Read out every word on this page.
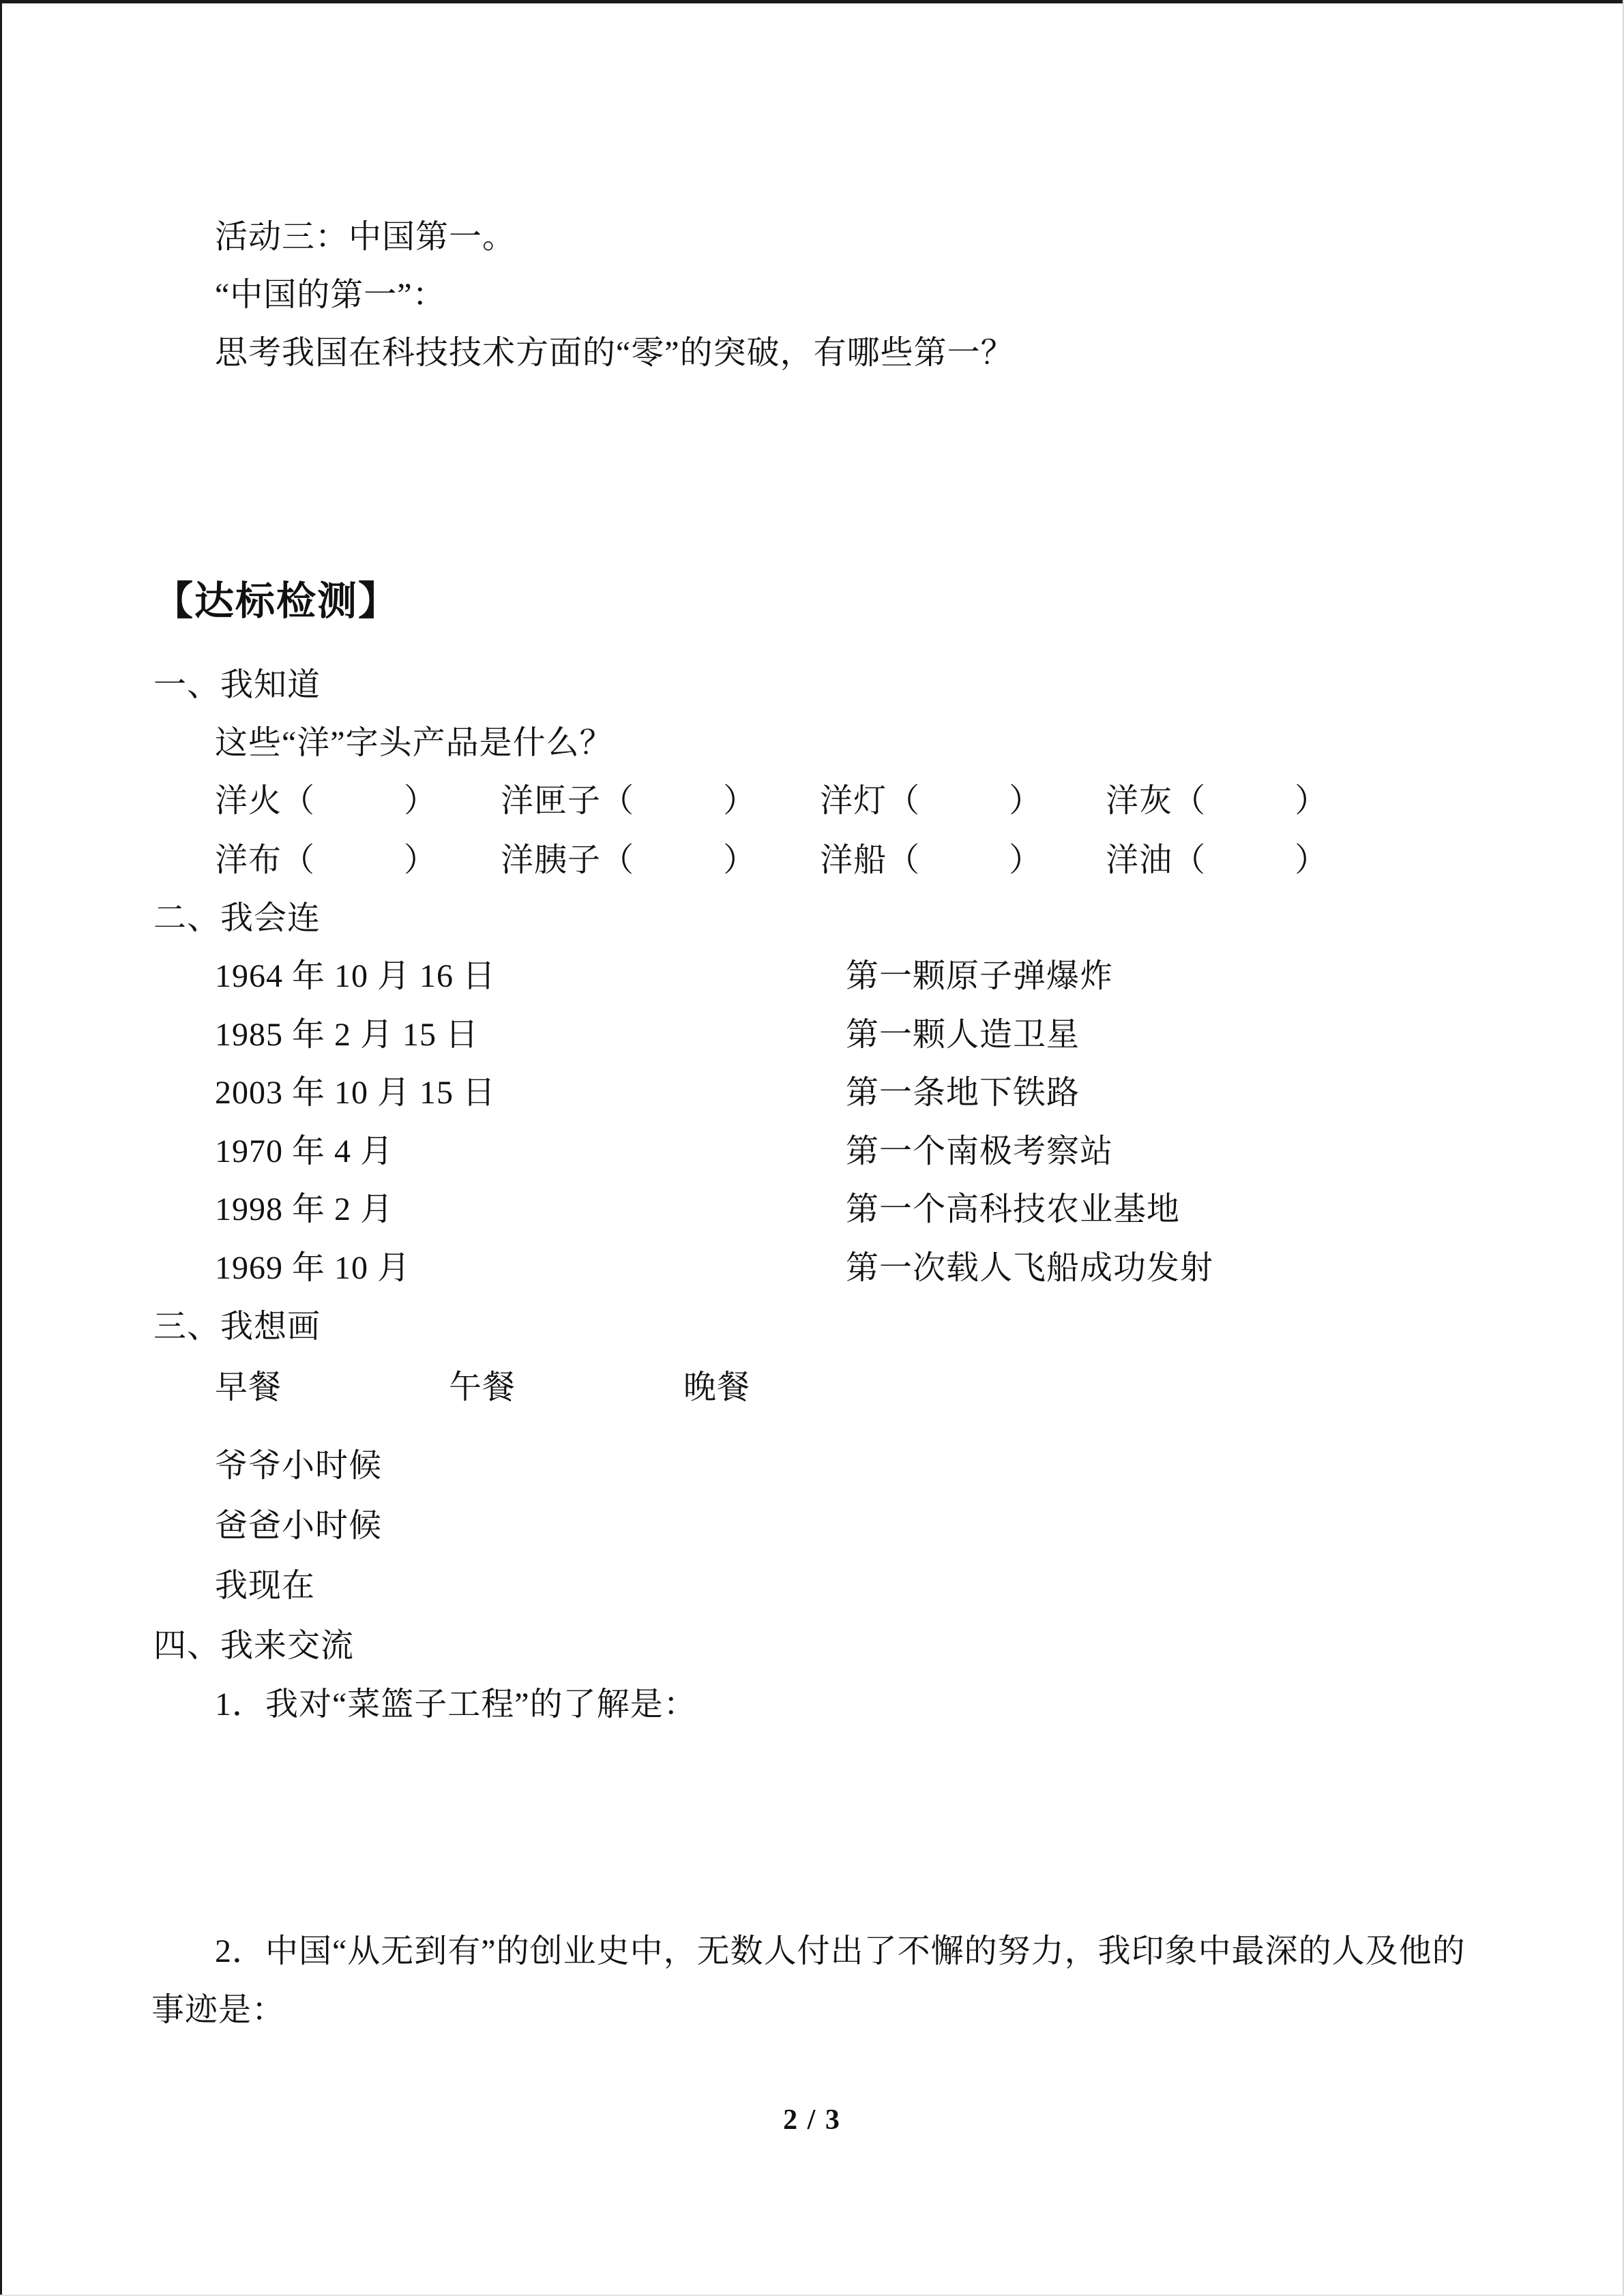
活动三：中国第一。
“中国的第一”：
思考我国在科技技术方面的“零”的突破，有哪些第一？
【达标检测】
一、我知道
这些“洋”字头产品是什么？
洋火（	） 洋匣子（	） 洋灯（	） 洋灰（	）
洋布（	） 洋胰子（	） 洋船（	） 洋油（	）
二、我会连
1964 年 10 月 16 日	第一颗原子弹爆炸
1985 年 2 月 15 日	第一颗人造卫星
2003 年 10 月 15 日	第一条地下铁路
1970 年 4 月	第一个南极考察站
1998 年 2 月	第一个高科技农业基地
1969 年 10 月	第一次载人飞船成功发射
三、我想画
早餐	午餐	晚餐
爷爷小时候
爸爸小时候
我现在
四、我来交流
1．我对“菜篮子工程”的了解是：
2．中国“从无到有”的创业史中，无数人付出了不懈的努力，我印象中最深的人及他的
事迹是：
2 / 3
